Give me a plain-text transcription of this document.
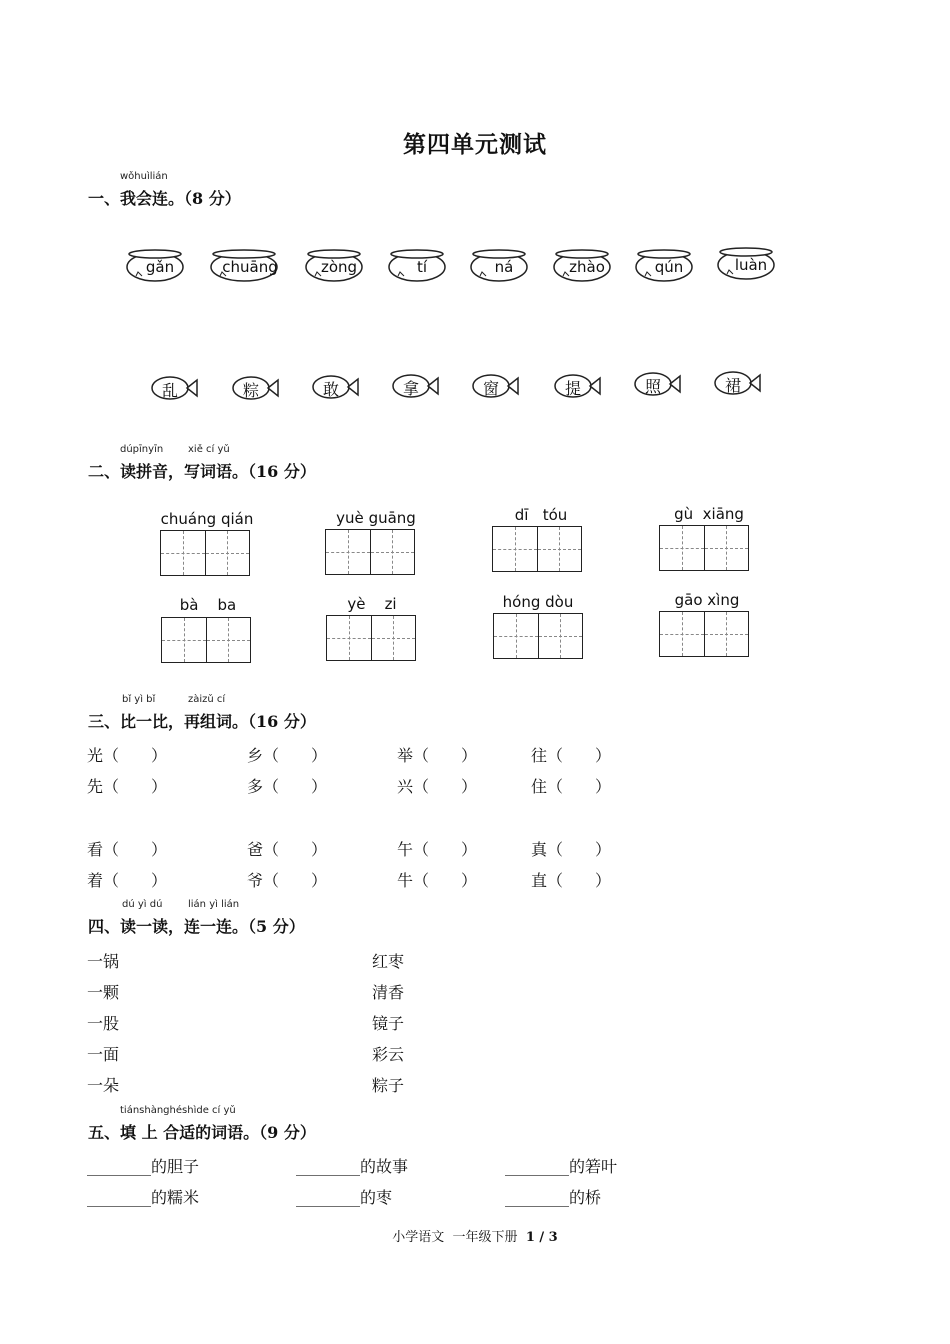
第四单元测试
一、我会连。（8 分）
wǒhuìlián
gǎn	chuāng	zòng	tí	ná	zhào	qún	luàn
乱	粽	敢	拿	窗	提	照	裙
二、读拼音，写词语。（16 分）
dúpīnyīn xiě cí yǔ
chuáng qián	yuè guāng	dī tóu	gù xiāng
bà ba	yè zi	hóng dòu	gāo xìng
三、比一比，再组词。（16 分）
bǐ yì bǐ	zàizǔ cí
光（　　）	乡（　　）	举（　　）	往（　　）
先（　　）	多（　　）	兴（　　）	住（　　）
看（　　）	爸（　　）	午（　　）	真（　　）
着（　　）	爷（　　）	牛（　　）	直（　　）
四、读一读，连一连。（5 分）
dú yì dú	lián yì lián
一锅
一颗
一股
一面
一朵
红枣
清香
镜子
彩云
粽子
五、填 上 合适的词语。（9 分）
tiánshànghéshìde cí yǔ
________的胆子	________的故事	________的箬叶
________的糯米	________的枣	________的桥
小学语文 一年级下册 1 / 3
